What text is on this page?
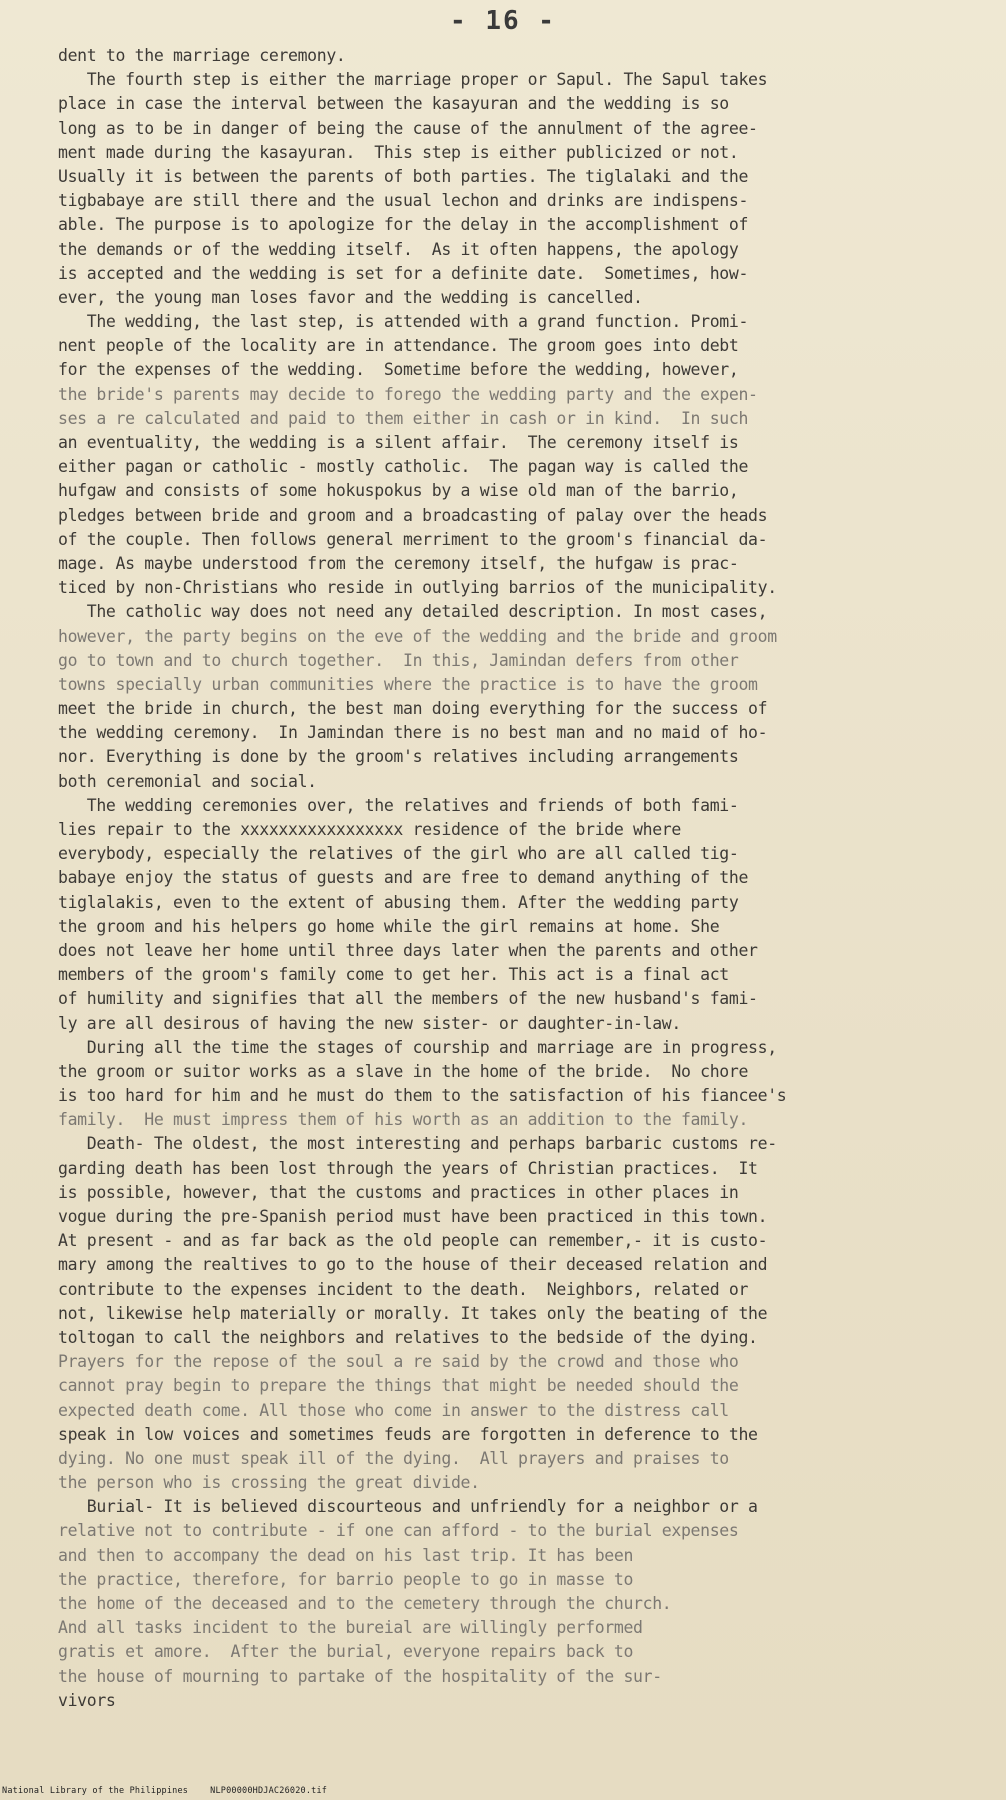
- 16 -
dent to the marriage ceremony.
The fourth step is either the marriage proper or Sapul. The Sapul takes
place in case the interval between the kasayuran and the wedding is so
long as to be in danger of being the cause of the annulment of the agree-
ment made during the kasayuran.  This step is either publicized or not.
Usually it is between the parents of both parties. The tiglalaki and the
tigbabaye are still there and the usual lechon and drinks are indispens-
able. The purpose is to apologize for the delay in the accomplishment of
the demands or of the wedding itself.  As it often happens, the apology
is accepted and the wedding is set for a definite date.  Sometimes, how-
ever, the young man loses favor and the wedding is cancelled.
The wedding, the last step, is attended with a grand function. Promi-
nent people of the locality are in attendance. The groom goes into debt
for the expenses of the wedding.  Sometime before the wedding, however,
the bride's parents may decide to forego the wedding party and the expen-
ses a re calculated and paid to them either in cash or in kind.  In such
an eventuality, the wedding is a silent affair.  The ceremony itself is
either pagan or catholic - mostly catholic.  The pagan way is called the
hufgaw and consists of some hokuspokus by a wise old man of the barrio,
pledges between bride and groom and a broadcasting of palay over the heads
of the couple. Then follows general merriment to the groom's financial da-
mage. As maybe understood from the ceremony itself, the hufgaw is prac-
ticed by non-Christians who reside in outlying barrios of the municipality.
The catholic way does not need any detailed description. In most cases,
however, the party begins on the eve of the wedding and the bride and groom
go to town and to church together.  In this, Jamindan defers from other
towns specially urban communities where the practice is to have the groom
meet the bride in church, the best man doing everything for the success of
the wedding ceremony.  In Jamindan there is no best man and no maid of ho-
nor. Everything is done by the groom's relatives including arrangements
both ceremonial and social.
The wedding ceremonies over, the relatives and friends of both fami-
lies repair to the xxxxxxxxxxxxxxxxx residence of the bride where
everybody, especially the relatives of the girl who are all called tig-
babaye enjoy the status of guests and are free to demand anything of the
tiglalakis, even to the extent of abusing them. After the wedding party
the groom and his helpers go home while the girl remains at home. She
does not leave her home until three days later when the parents and other
members of the groom's family come to get her. This act is a final act
of humility and signifies that all the members of the new husband's fami-
ly are all desirous of having the new sister- or daughter-in-law.
During all the time the stages of courship and marriage are in progress,
the groom or suitor works as a slave in the home of the bride.  No chore
is too hard for him and he must do them to the satisfaction of his fiancee's
family.  He must impress them of his worth as an addition to the family.
Death- The oldest, the most interesting and perhaps barbaric customs re-
garding death has been lost through the years of Christian practices.  It
is possible, however, that the customs and practices in other places in
vogue during the pre-Spanish period must have been practiced in this town.
At present - and as far back as the old people can remember,- it is custo-
mary among the realtives to go to the house of their deceased relation and
contribute to the expenses incident to the death.  Neighbors, related or
not, likewise help materially or morally. It takes only the beating of the
toltogan to call the neighbors and relatives to the bedside of the dying.
Prayers for the repose of the soul a re said by the crowd and those who
cannot pray begin to prepare the things that might be needed should the
expected death come. All those who come in answer to the distress call
speak in low voices and sometimes feuds are forgotten in deference to the
dying. No one must speak ill of the dying.  All prayers and praises to
the person who is crossing the great divide.
Burial- It is believed discourteous and unfriendly for a neighbor or a
relative not to contribute - if one can afford - to the burial expenses
and then to accompany the dead on his last trip. It has been
the practice, therefore, for barrio people to go in masse to
the home of the deceased and to the cemetery through the church.
And all tasks incident to the bureial are willingly performed
gratis et amore.  After the burial, everyone repairs back to
the house of mourning to partake of the hospitality of the sur-
vivors
National Library of the Philippines	NLP00000HDJAC26020.tif
